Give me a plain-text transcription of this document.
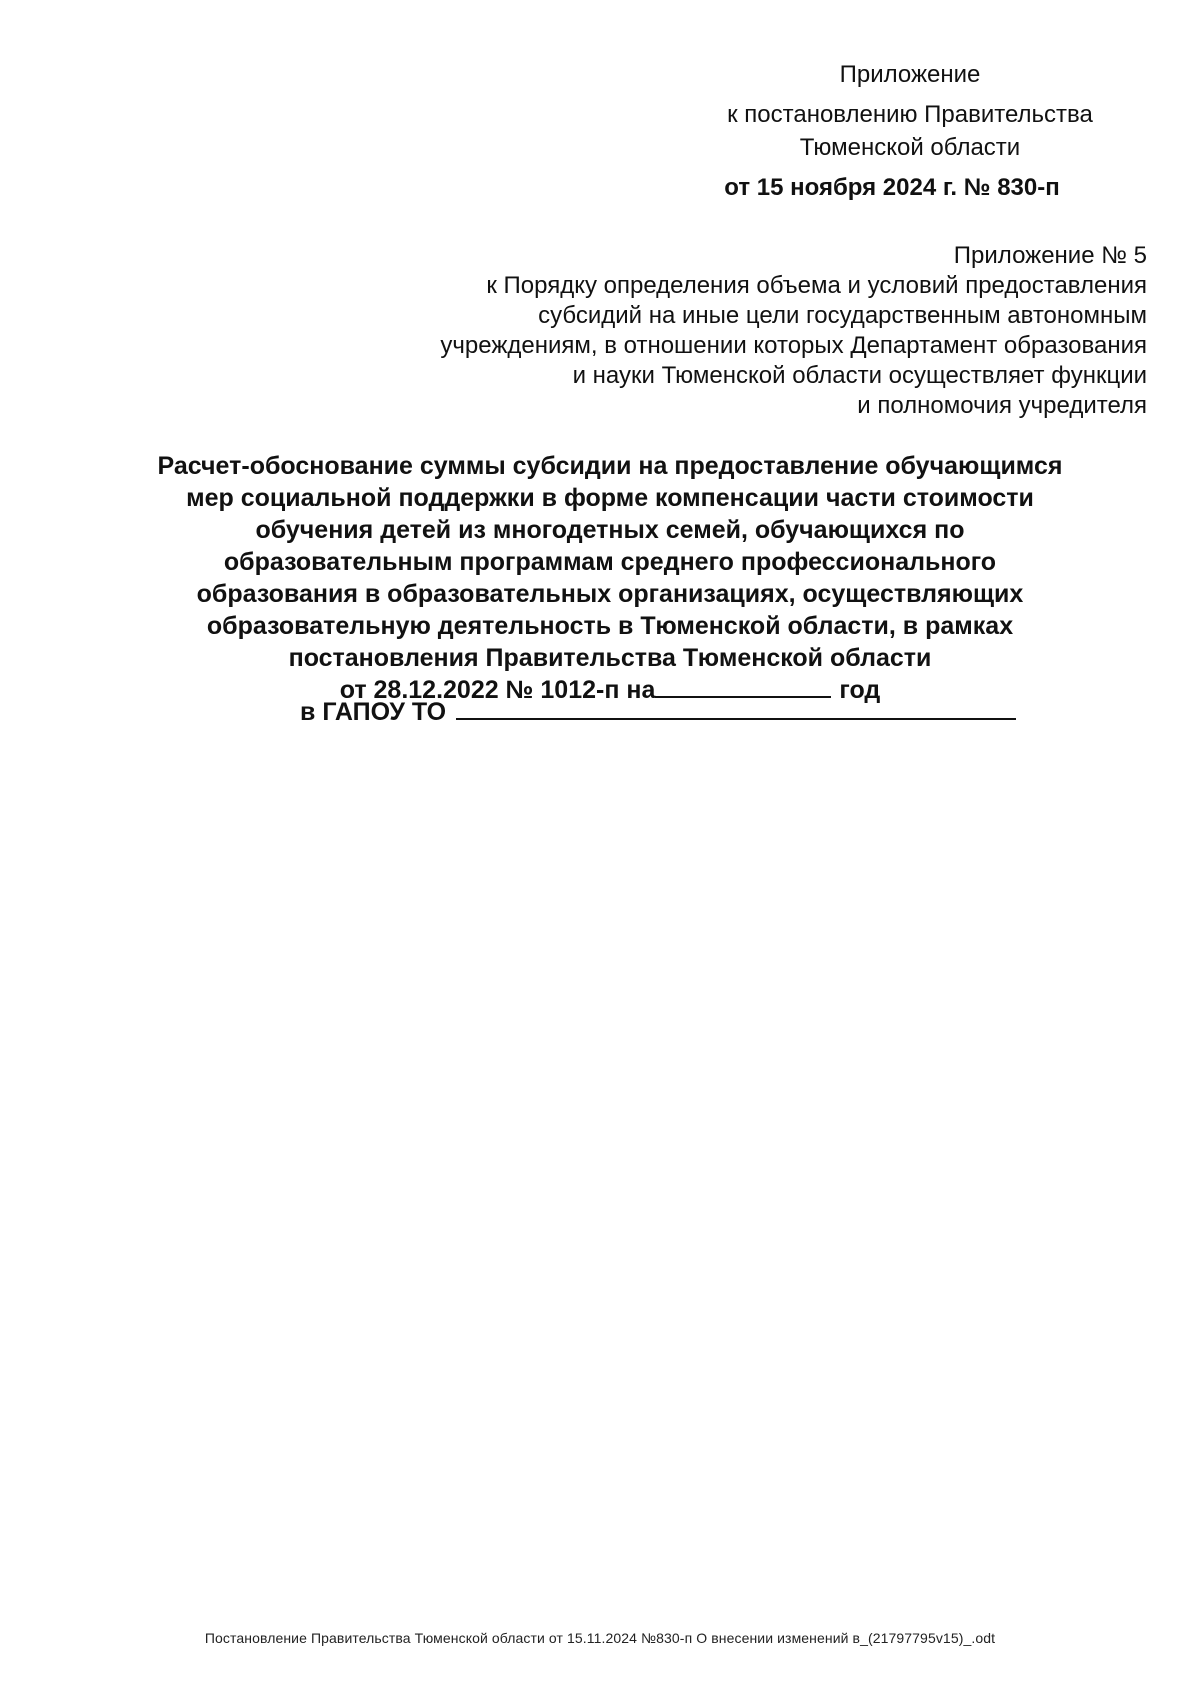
Приложение
к постановлению Правительства
Тюменской области
от 15 ноября 2024 г. № 830-п
Приложение № 5
к Порядку определения объема и условий предоставления
субсидий на иные цели государственным автономным
учреждениям, в отношении которых Департамент образования
и науки Тюменской области осуществляет функции
и полномочия учредителя
Расчет-обоснование суммы субсидии на предоставление обучающимся
мер социальной поддержки в форме компенсации части стоимости
обучения детей из многодетных семей, обучающихся по
образовательным программам среднего профессионального
образования в образовательных организациях, осуществляющих
образовательную деятельность в Тюменской области, в рамках
постановления Правительства Тюменской области
от 28.12.2022 № 1012-п на	год
в ГАПОУ ТО
Постановление Правительства Тюменской области от 15.11.2024 №830-п О внесении изменений в_(21797795v15)_.odt
